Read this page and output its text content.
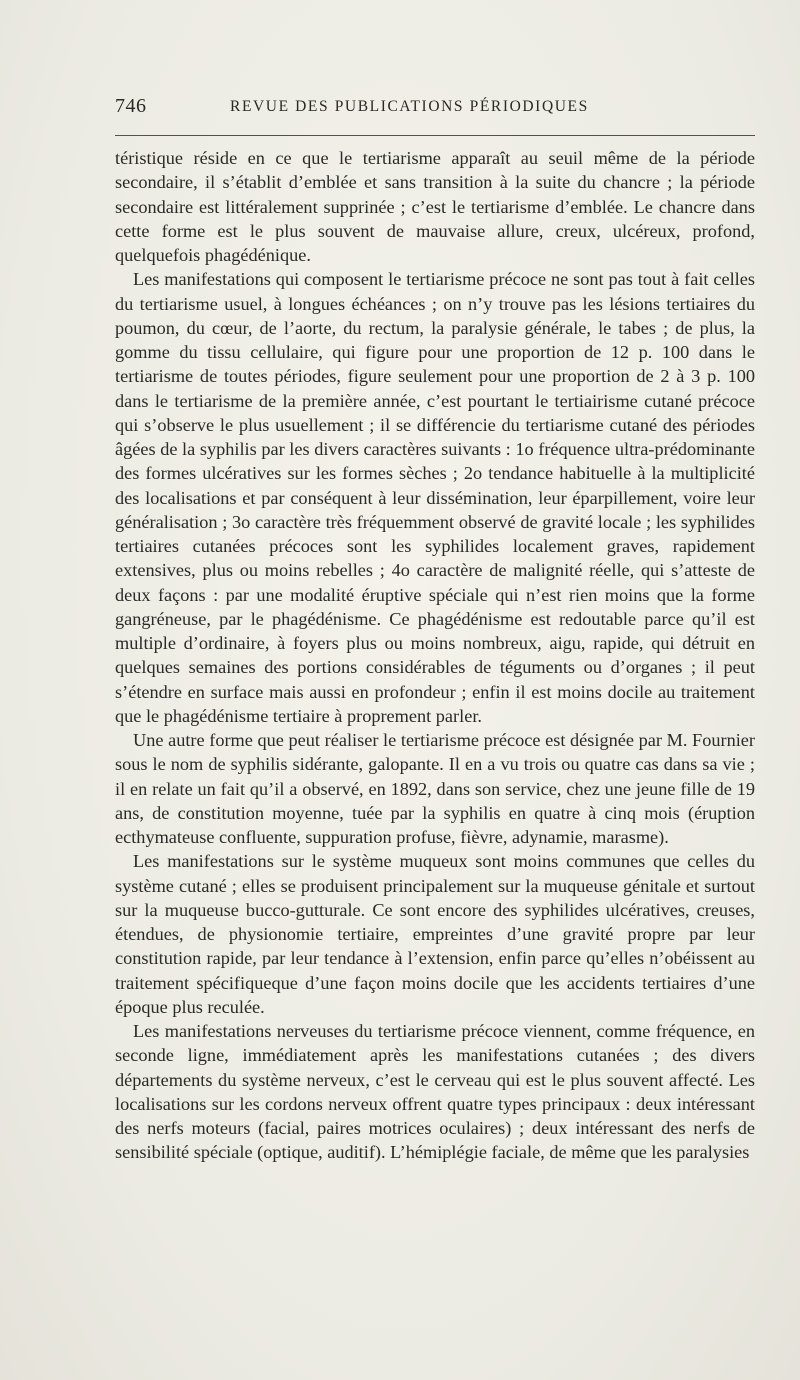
746	REVUE DES PUBLICATIONS PÉRIODIQUES

téristique réside en ce que le tertiarisme apparaît au seuil même de la période secondaire, il s’établit d’emblée et sans transition à la suite du chancre ; la période secondaire est littéralement supprinée ; c’est le tertiarisme d’emblée. Le chancre dans cette forme est le plus souvent de mauvaise allure, creux, ulcéreux, profond, quelquefois phagédénique.

Les manifestations qui composent le tertiarisme précoce ne sont pas tout à fait celles du tertiarisme usuel, à longues échéances ; on n’y trouve pas les lésions tertiaires du poumon, du cœur, de l’aorte, du rectum, la paralysie générale, le tabes ; de plus, la gomme du tissu cellulaire, qui figure pour une proportion de 12 p. 100 dans le tertiarisme de toutes périodes, figure seulement pour une proportion de 2 à 3 p. 100 dans le tertiarisme de la première année, c’est pourtant le tertiairisme cutané précoce qui s’observe le plus usuellement ; il se différencie du tertiarisme cutané des périodes âgées de la syphilis par les divers caractères suivants : 1o fréquence ultra-prédominante des formes ulcératives sur les formes sèches ; 2o tendance habituelle à la multiplicité des localisations et par conséquent à leur dissémination, leur éparpillement, voire leur généralisation ; 3o caractère très fréquemment observé de gravité locale ; les syphilides tertiaires cutanées précoces sont les syphilides localement graves, rapidement extensives, plus ou moins rebelles ; 4o caractère de malignité réelle, qui s’atteste de deux façons : par une modalité éruptive spéciale qui n’est rien moins que la forme gangréneuse, par le phagédénisme. Ce phagédénisme est redoutable parce qu’il est multiple d’ordinaire, à foyers plus ou moins nombreux, aigu, rapide, qui détruit en quelques semaines des portions considérables de téguments ou d’organes ; il peut s’étendre en surface mais aussi en profondeur ; enfin il est moins docile au traitement que le phagédénisme tertiaire à proprement parler.

Une autre forme que peut réaliser le tertiarisme précoce est désignée par M. Fournier sous le nom de syphilis sidérante, galopante. Il en a vu trois ou quatre cas dans sa vie ; il en relate un fait qu’il a observé, en 1892, dans son service, chez une jeune fille de 19 ans, de constitution moyenne, tuée par la syphilis en quatre à cinq mois (éruption ecthymateuse confluente, suppuration profuse, fièvre, adynamie, marasme).

Les manifestations sur le système muqueux sont moins communes que celles du système cutané ; elles se produisent principalement sur la muqueuse génitale et surtout sur la muqueuse bucco-gutturale. Ce sont encore des syphilides ulcératives, creuses, étendues, de physionomie tertiaire, empreintes d’une gravité propre par leur constitution rapide, par leur tendance à l’extension, enfin parce qu’elles n’obéissent au traitement spécifiqueque d’une façon moins docile que les accidents tertiaires d’une époque plus reculée.

Les manifestations nerveuses du tertiarisme précoce viennent, comme fréquence, en seconde ligne, immédiatement après les manifestations cutanées ; des divers départements du système nerveux, c’est le cerveau qui est le plus souvent affecté. Les localisations sur les cordons nerveux offrent quatre types principaux : deux intéressant des nerfs moteurs (facial, paires motrices oculaires) ; deux intéressant des nerfs de sensibilité spéciale (optique, auditif). L’hémiplégie faciale, de même que les paralysies
